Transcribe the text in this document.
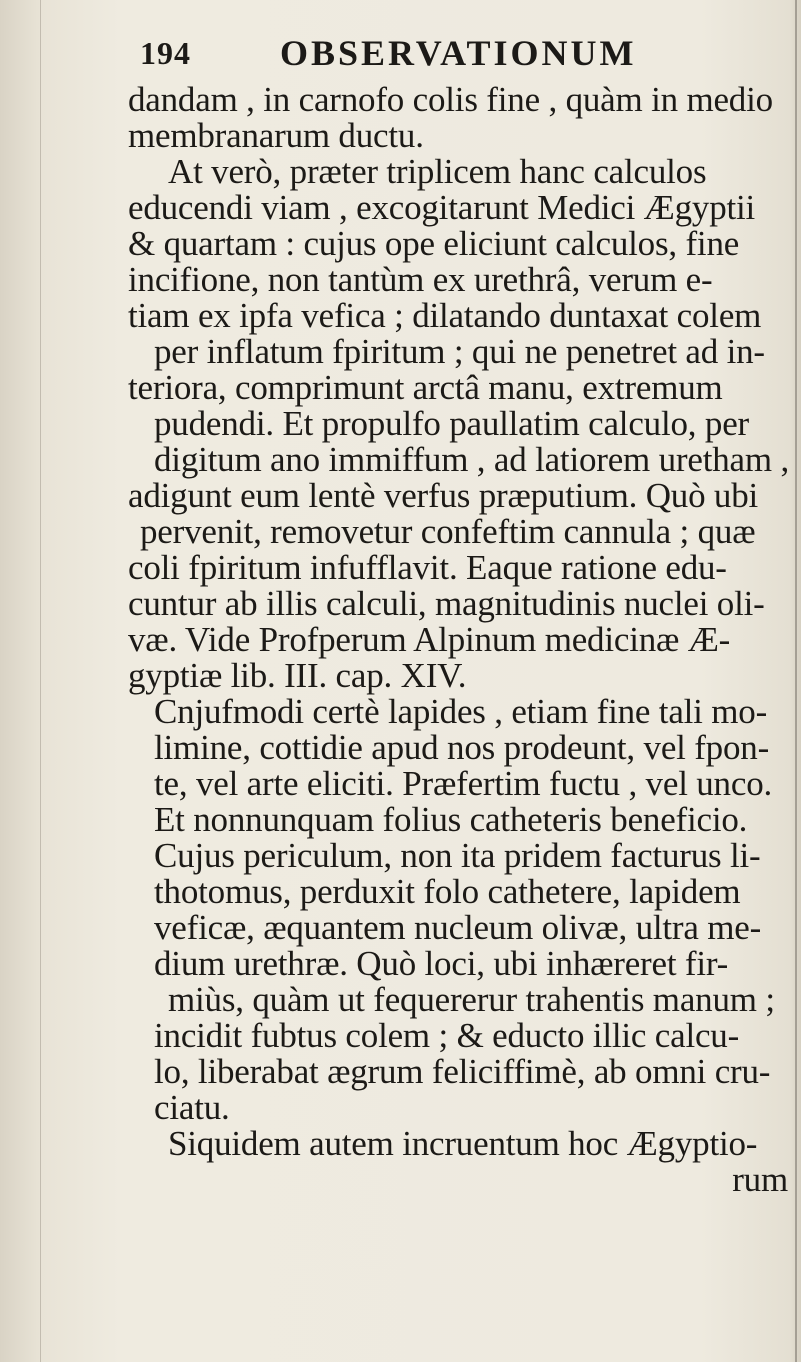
194	OBSERVATIONUM
dandam , in carnofo colis fine , quàm in medio
membranarum ductu.
At verò, præter triplicem hanc calculos
educendi viam , excogitarunt Medici Ægyptii
& quartam : cujus ope eliciunt calculos, fine
incifione, non tantùm ex urethrâ, verum e-
tiam ex ipfa vefica ; dilatando duntaxat colem
per inflatum fpiritum ; qui ne penetret ad in-
teriora, comprimunt arctâ manu, extremum
pudendi. Et propulfo paullatim calculo, per
digitum ano immiffum , ad latiorem uretham ,
adigunt eum lentè verfus præputium. Quò ubi
pervenit, removetur confeftim cannula ; quæ
coli fpiritum infufflavit. Eaque ratione edu-
cuntur ab illis calculi, magnitudinis nuclei oli-
væ. Vide Profperum Alpinum medicinæ Æ-
gyptiæ lib. III. cap. XIV.
Cnjufmodi certè lapides , etiam fine tali mo-
limine, cottidie apud nos prodeunt, vel fpon-
te, vel arte eliciti. Præfertim fuctu , vel unco.
Et nonnunquam folius catheteris beneficio.
Cujus periculum, non ita pridem facturus li-
thotomus, perduxit folo cathetere, lapidem
veficæ, æquantem nucleum olivæ, ultra me-
dium urethræ. Quò loci, ubi inhæreret fir-
miùs, quàm ut fequererur trahentis manum ;
incidit fubtus colem ; & educto illic calcu-
lo, liberabat ægrum feliciffimè, ab omni cru-
ciatu.
Siquidem autem incruentum hoc Ægyptio-
rum
